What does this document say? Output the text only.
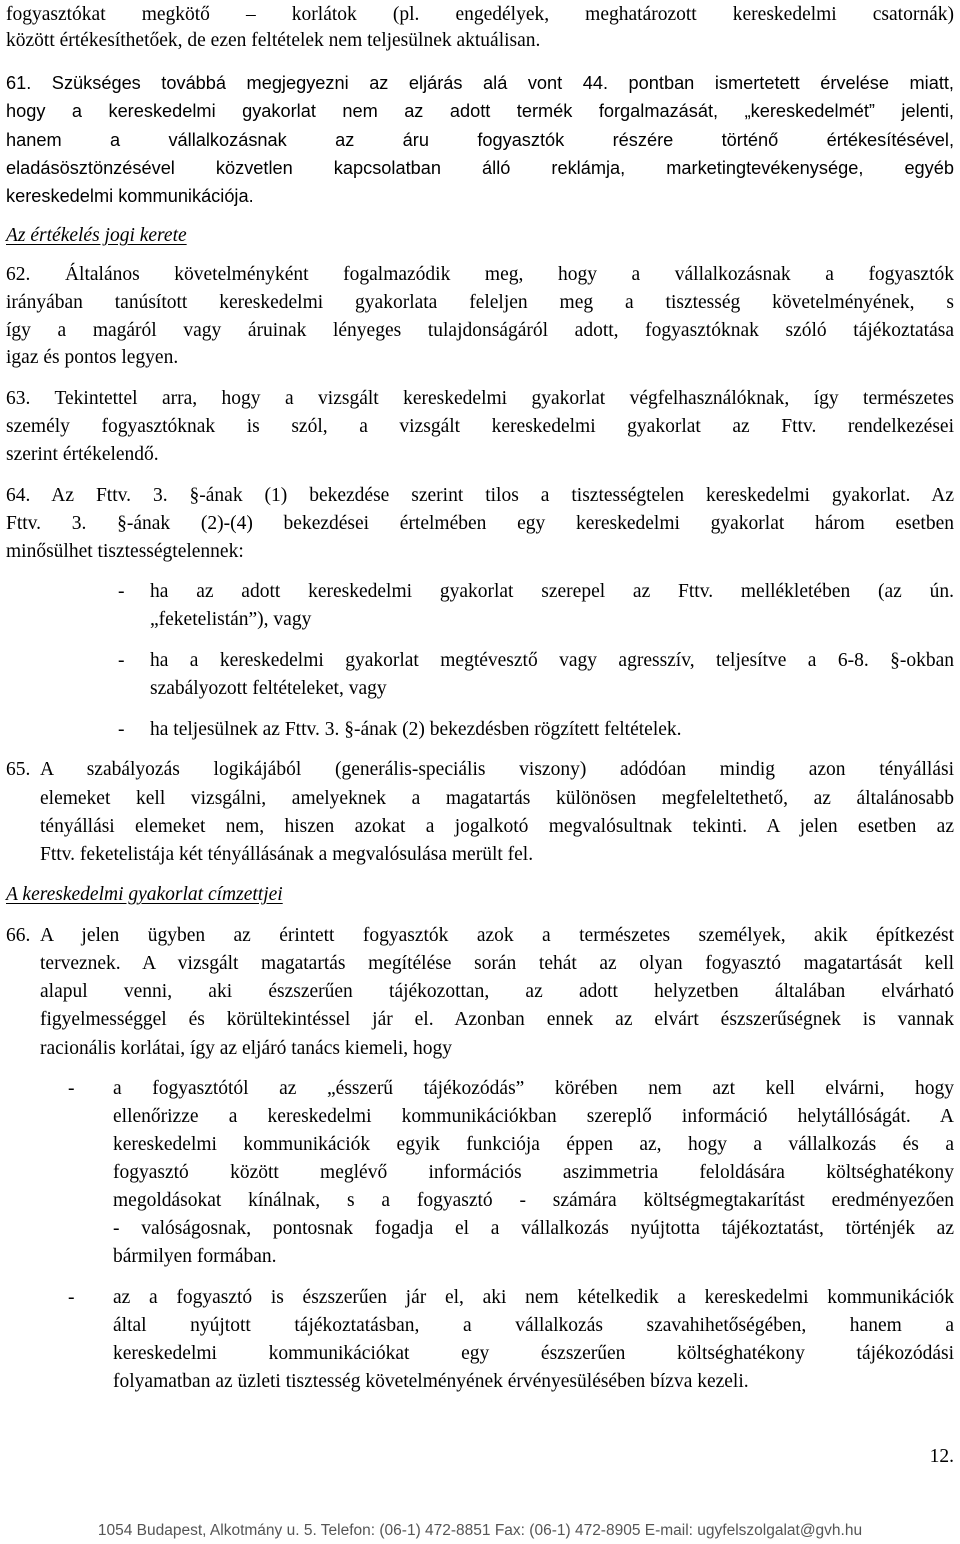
fogyasztókat megkötő – korlátok (pl. engedélyek, meghatározott kereskedelmi csatornák)
között értékesíthetőek, de ezen feltételek nem teljesülnek aktuálisan.
61. Szükséges továbbá megjegyezni az eljárás alá vont 44. pontban ismertetett érvelése miatt,
hogy a kereskedelmi gyakorlat nem az adott termék forgalmazását, „kereskedelmét” jelenti,
hanem a vállalkozásnak az áru fogyasztók részére történő értékesítésével,
eladásösztönzésével közvetlen kapcsolatban álló reklámja, marketingtevékenysége, egyéb
kereskedelmi kommunikációja.
Az értékelés jogi kerete
62. Általános követelményként fogalmazódik meg, hogy a vállalkozásnak a fogyasztók
irányában tanúsított kereskedelmi gyakorlata feleljen meg a tisztesség követelményének, s
így a magáról vagy áruinak lényeges tulajdonságáról adott, fogyasztóknak szóló tájékoztatása
igaz és pontos legyen.
63. Tekintettel arra, hogy a vizsgált kereskedelmi gyakorlat végfelhasználóknak, így természetes
személy fogyasztóknak is szól, a vizsgált kereskedelmi gyakorlat az Fttv. rendelkezései
szerint értékelendő.
64. Az Fttv. 3. §-ának (1) bekezdése szerint tilos a tisztességtelen kereskedelmi gyakorlat. Az
Fttv. 3. §-ának (2)-(4) bekezdései értelmében egy kereskedelmi gyakorlat három esetben
minősülhet tisztességtelennek:
- ha az adott kereskedelmi gyakorlat szerepel az Fttv. mellékletében (az ún.
„feketelistán”), vagy
- ha a kereskedelmi gyakorlat megtévesztő vagy agresszív, teljesítve a 6-8. §-okban
szabályozott feltételeket, vagy
- ha teljesülnek az Fttv. 3. §-ának (2) bekezdésben rögzített feltételek.
65. A szabályozás logikájából (generális-speciális viszony) adódóan mindig azon tényállási
elemeket kell vizsgálni, amelyeknek a magatartás különösen megfeleltethető, az általánosabb
tényállási elemeket nem, hiszen azokat a jogalkotó megvalósultnak tekinti. A jelen esetben az
Fttv. feketelistája két tényállásának a megvalósulása merült fel.
A kereskedelmi gyakorlat címzettjei
66. A jelen ügyben az érintett fogyasztók azok a természetes személyek, akik építkezést
terveznek. A vizsgált magatartás megítélése során tehát az olyan fogyasztó magatartását kell
alapul venni, aki észszerűen tájékozottan, az adott helyzetben általában elvárható
figyelmességgel és körültekintéssel jár el. Azonban ennek az elvárt észszerűségnek is vannak
racionális korlátai, így az eljáró tanács kiemeli, hogy
- a fogyasztótól az „ésszerű tájékozódás” körében nem azt kell elvárni, hogy
ellenőrizze a kereskedelmi kommunikációkban szereplő információ helytállóságát. A
kereskedelmi kommunikációk egyik funkciója éppen az, hogy a vállalkozás és a
fogyasztó között meglévő információs aszimmetria feloldására költséghatékony
megoldásokat kínálnak, s a fogyasztó - számára költségmegtakarítást eredményezően
- valóságosnak, pontosnak fogadja el a vállalkozás nyújtotta tájékoztatást, történjék az
bármilyen formában.
- az a fogyasztó is észszerűen jár el, aki nem kételkedik a kereskedelmi kommunikációk
által nyújtott tájékoztatásban, a vállalkozás szavahihetőségében, hanem a
kereskedelmi kommunikációkat egy észszerűen költséghatékony tájékozódási
folyamatban az üzleti tisztesség követelményének érvényesülésében bízva kezeli.
12.
1054 Budapest, Alkotmány u. 5. Telefon: (06-1) 472-8851 Fax: (06-1) 472-8905 E-mail: ugyfelszolgalat@gvh.hu
